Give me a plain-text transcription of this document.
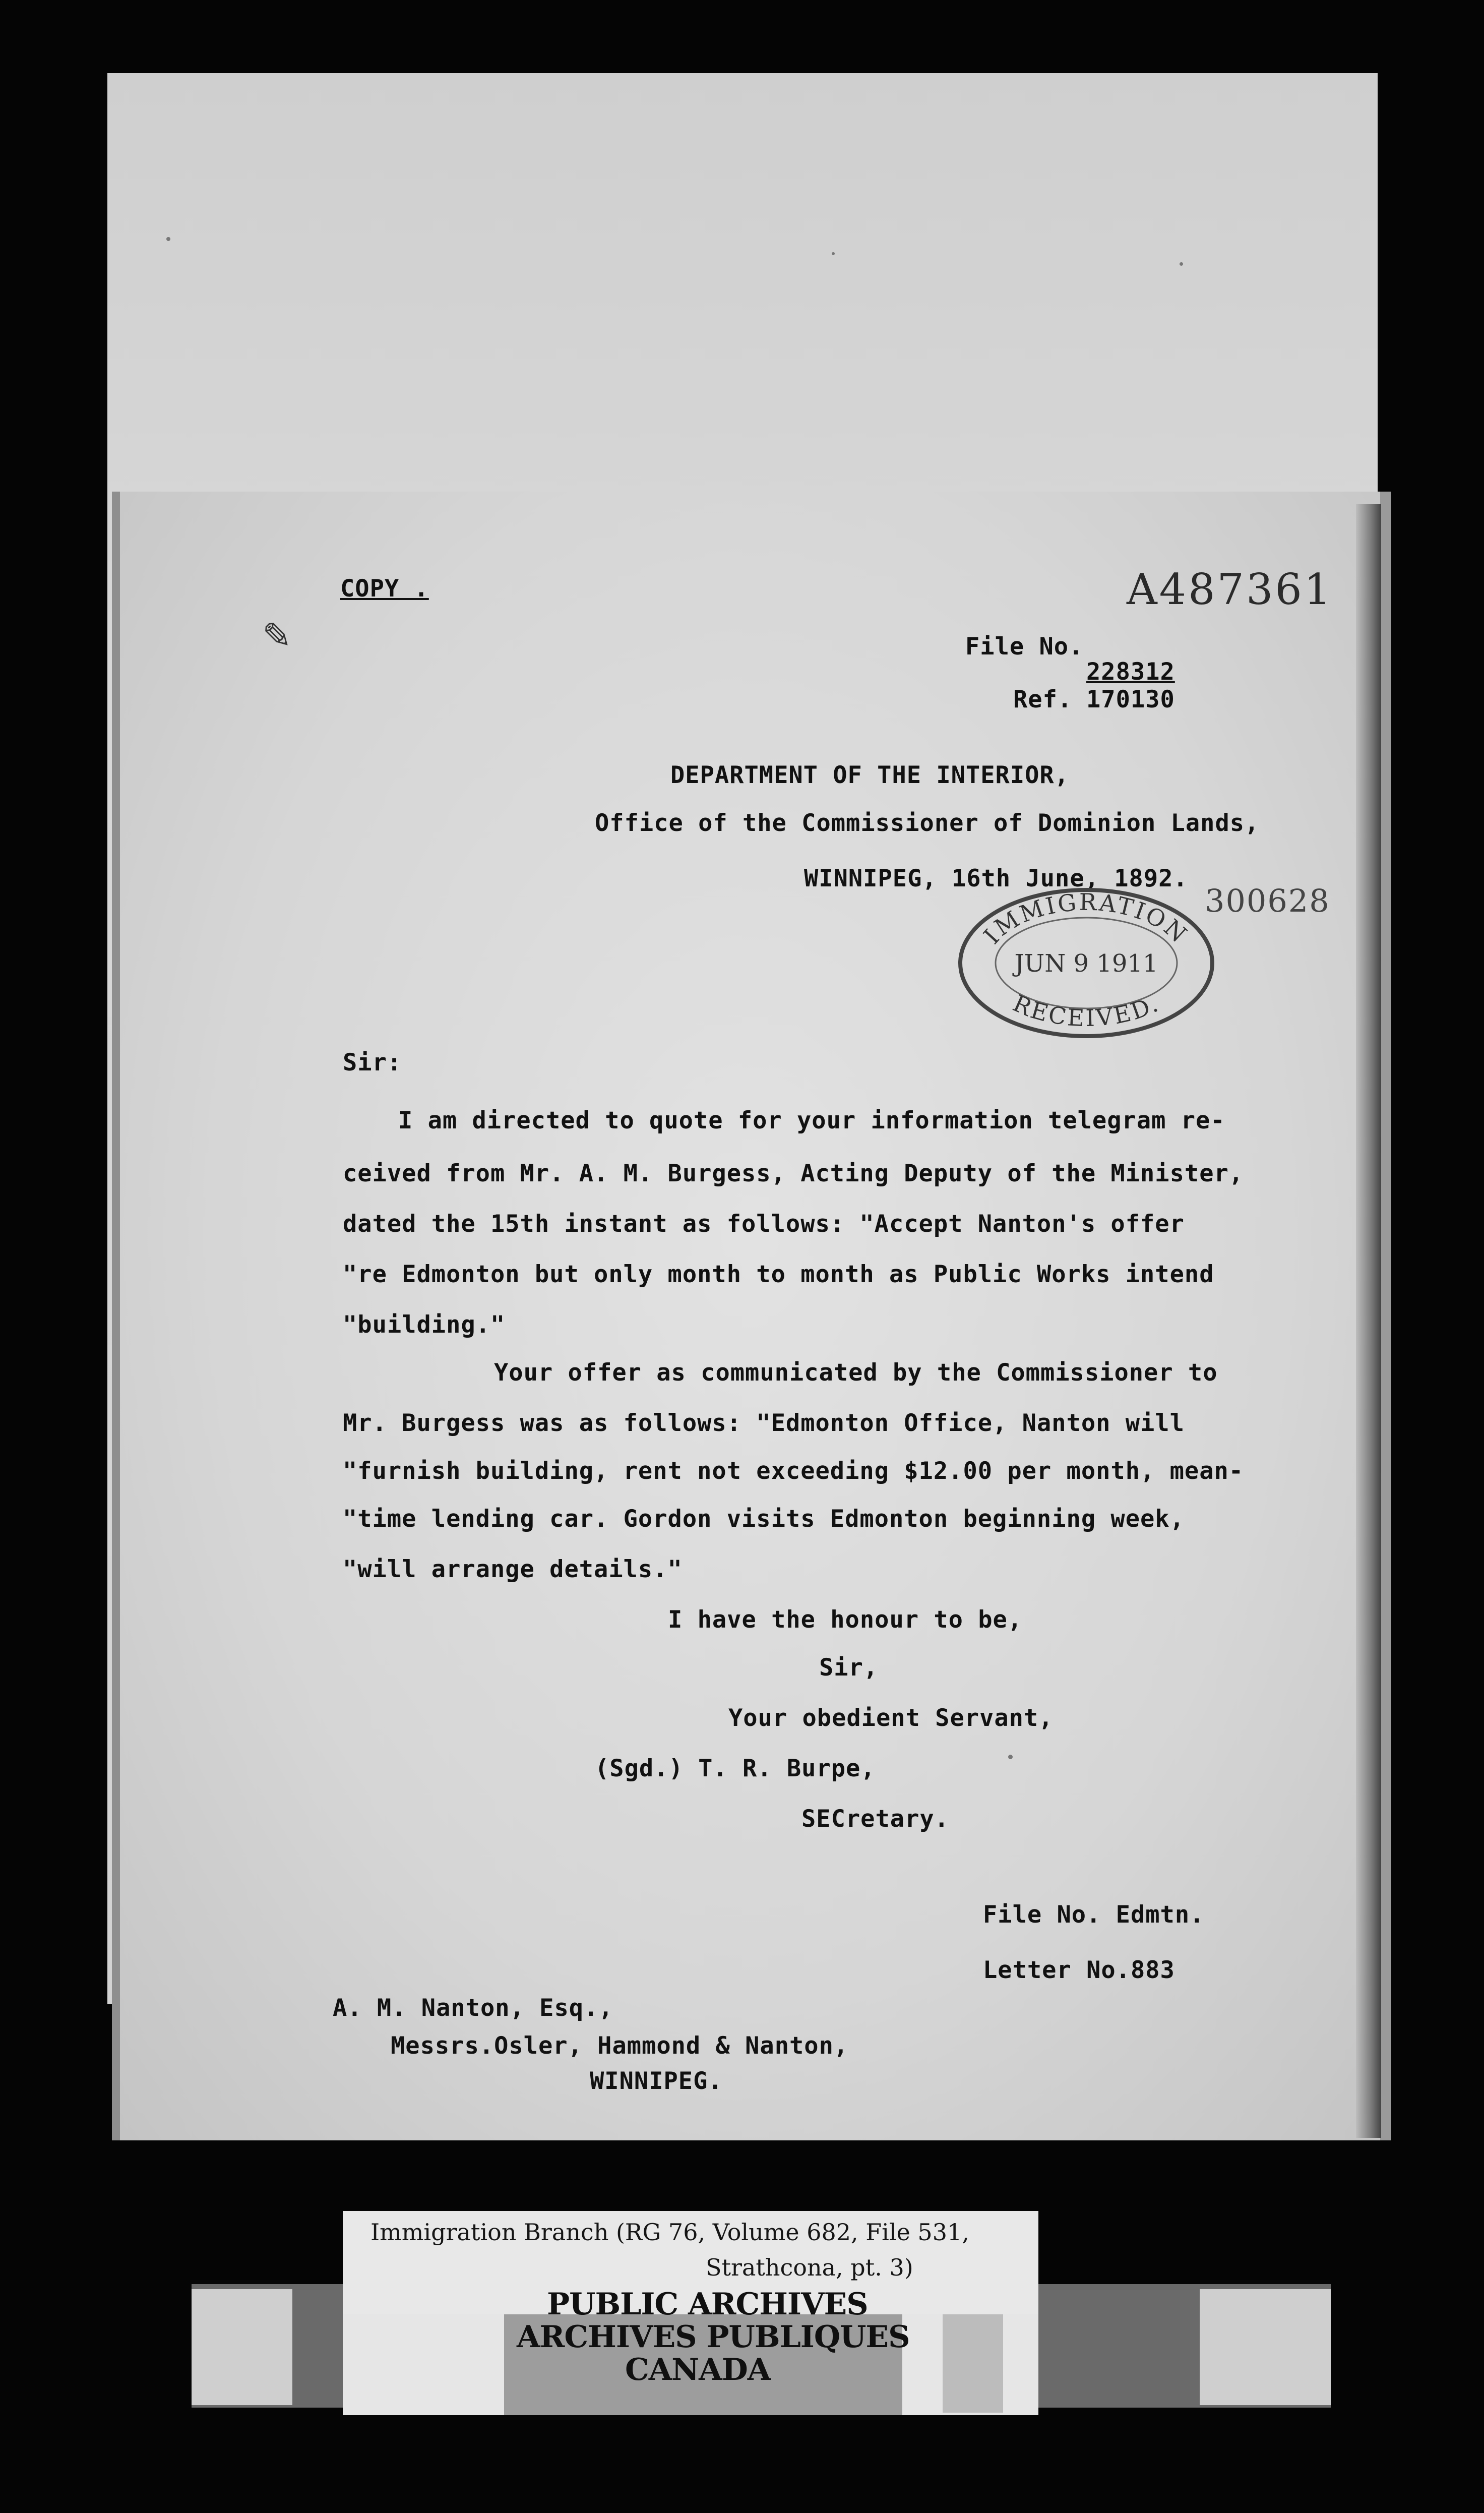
COPY .
✎
A487361
File No.
228312
Ref. 170130
DEPARTMENT OF THE INTERIOR,
Office of the Commissioner of Dominion Lands,
WINNIPEG, 16th June, 1892.
300628
IMMIGRATION
JUN 9 1911
RECEIVED.
Sir:
I am directed to quote for your information telegram re-
ceived from Mr. A. M. Burgess, Acting Deputy of the Minister,
dated the 15th instant as follows: "Accept Nanton's offer
"re Edmonton but only month to month as Public Works intend
"building."
Your offer as communicated by the Commissioner to
Mr. Burgess was as follows: "Edmonton Office, Nanton will
"furnish building, rent not exceeding $12.00 per month, mean-
"time lending car. Gordon visits Edmonton beginning week,
"will arrange details."
I have the honour to be,
Sir,
Your obedient Servant,
(Sgd.) T. R. Burpe,
SECretary.
File No. Edmtn.
Letter No.883
A. M. Nanton, Esq.,
Messrs.Osler, Hammond & Nanton,
WINNIPEG.
Immigration Branch (RG 76, Volume 682, File 531,
Strathcona, pt. 3)
PUBLIC ARCHIVES
ARCHIVES PUBLIQUES
CANADA
